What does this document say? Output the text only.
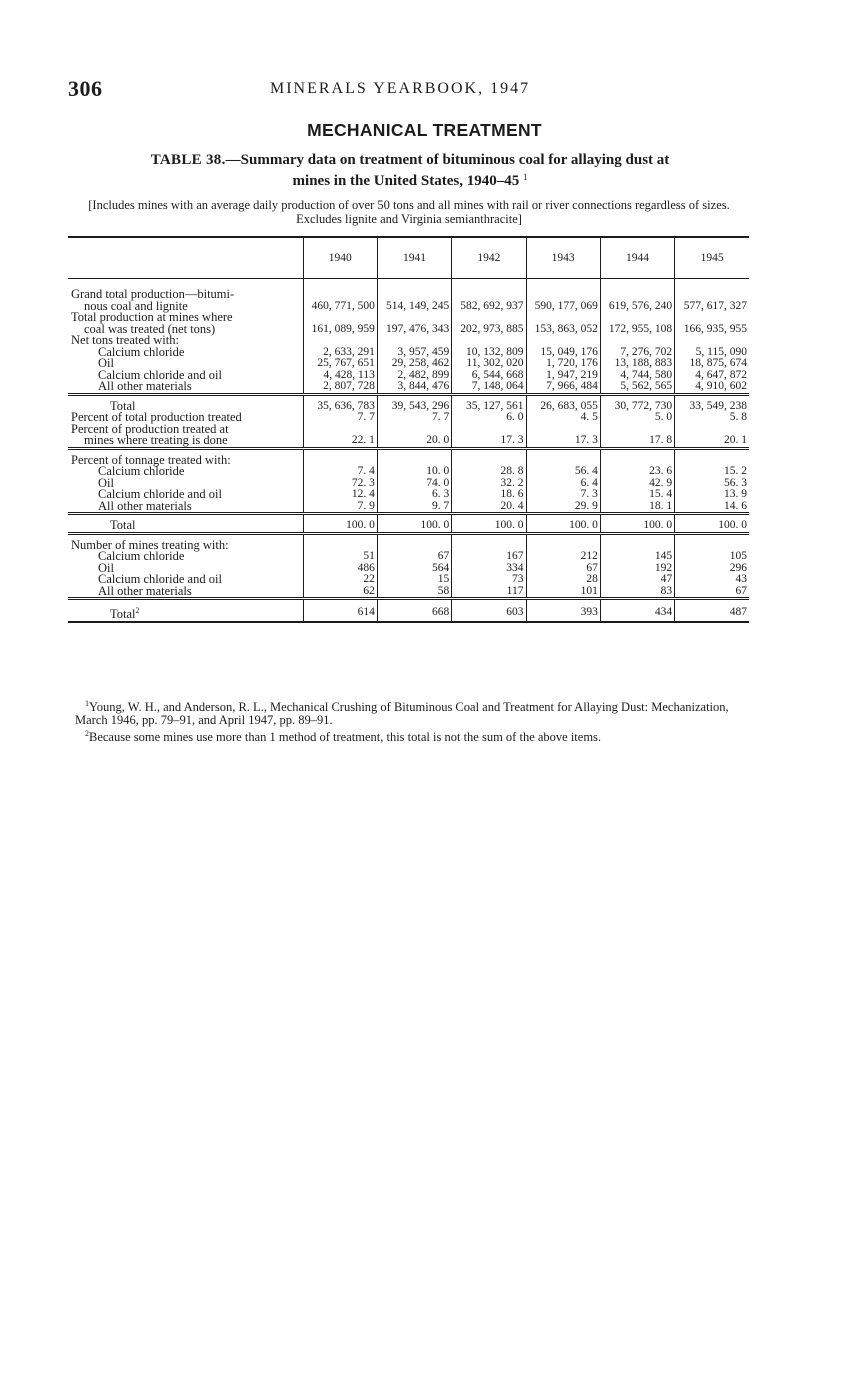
306	MINERALS YEARBOOK, 1947
MECHANICAL TREATMENT
TABLE 38.—Summary data on treatment of bituminous coal for allaying dust at
mines in the United States, 1940–45 $^1$
[Includes mines with an average daily production of over 50 tons and all mines with rail or river connections regardless of sizes. Excludes lignite and Virginia semianthracite]
	1940	1941	1942	1943	1944	1945

Grand total production—bitumi-						
nous coal and lignite	460, 771, 500	514, 149, 245	582, 692, 937	590, 177, 069	619, 576, 240	577, 617, 327
Total production at mines where						
coal was treated (net tons)	161, 089, 959	197, 476, 343	202, 973, 885	153, 863, 052	172, 955, 108	166, 935, 955
Net tons treated with:						
Calcium chloride	2, 633, 291	3, 957, 459	10, 132, 809	15, 049, 176	7, 276, 702	5, 115, 090
Oil	25, 767, 651	29, 258, 462	11, 302, 020	1, 720, 176	13, 188, 883	18, 875, 674
Calcium chloride and oil	4, 428, 113	2, 482, 899	6, 544, 668	1, 947, 219	4, 744, 580	4, 647, 872
All other materials	2, 807, 728	3, 844, 476	7, 148, 064	7, 966, 484	5, 562, 565	4, 910, 602

Total	35, 636, 783	39, 543, 296	35, 127, 561	26, 683, 055	30, 772, 730	33, 549, 238
Percent of total production treated	7. 7	7. 7	6. 0	4. 5	5. 0	5. 8
Percent of production treated at						
mines where treating is done	22. 1	20. 0	17. 3	17. 3	17. 8	20. 1

Percent of tonnage treated with:						
Calcium chloride	7. 4	10. 0	28. 8	56. 4	23. 6	15. 2
Oil	72. 3	74. 0	32. 2	6. 4	42. 9	56. 3
Calcium chloride and oil	12. 4	6. 3	18. 6	7. 3	15. 4	13. 9
All other materials	7. 9	9. 7	20. 4	29. 9	18. 1	14. 6

Total	100. 0	100. 0	100. 0	100. 0	100. 0	100. 0

Number of mines treating with:						
Calcium chloride	51	67	167	212	145	105
Oil	486	564	334	67	192	296
Calcium chloride and oil	22	15	73	28	47	43
All other materials	62	58	117	101	83	67

Total$^2$	614	668	603	393	434	487

$^1$Young, W. H., and Anderson, R. L., Mechanical Crushing of Bituminous Coal and Treatment for Allaying Dust: Mechanization, March 1946, pp. 79–91, and April 1947, pp. 89–91.

$^2$Because some mines use more than 1 method of treatment, this total is not the sum of the above items.
